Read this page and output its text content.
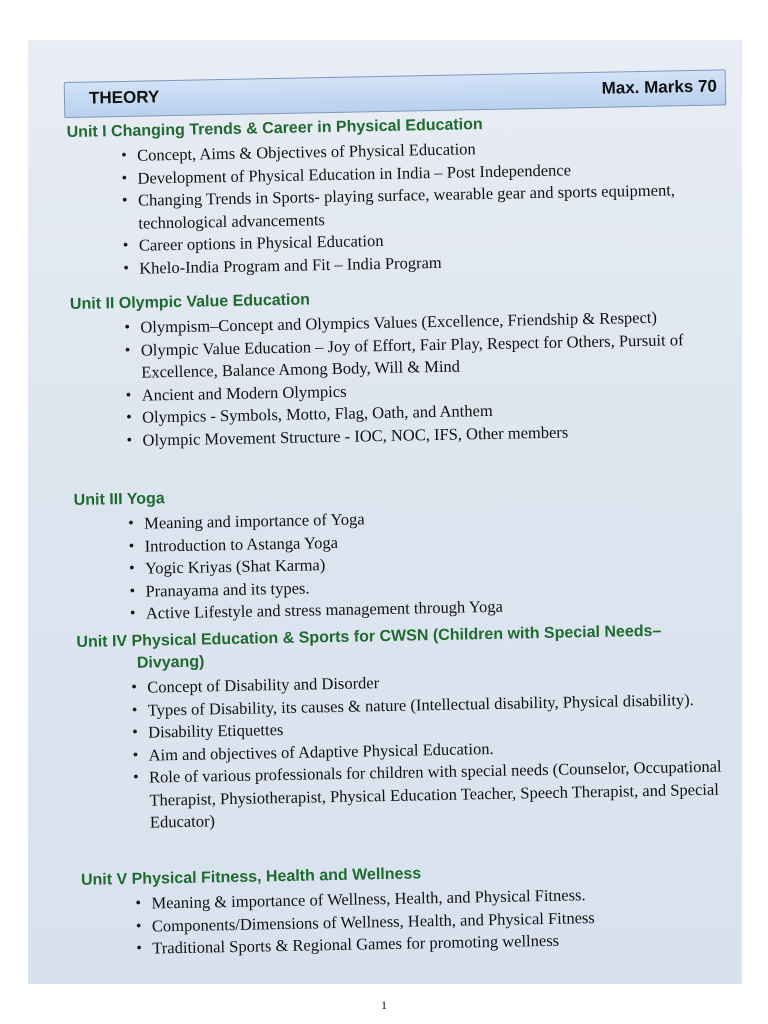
THEORY	Max. Marks 70
Unit I Changing Trends & Career in Physical Education
• Concept, Aims & Objectives of Physical Education
• Development of Physical Education in India – Post Independence
• Changing Trends in Sports- playing surface, wearable gear and sports equipment, technological advancements
• Career options in Physical Education
• Khelo-India Program and Fit – India Program
Unit II Olympic Value Education
• Olympism–Concept and Olympics Values (Excellence, Friendship & Respect)
• Olympic Value Education – Joy of Effort, Fair Play, Respect for Others, Pursuit of Excellence, Balance Among Body, Will & Mind
• Ancient and Modern Olympics
• Olympics - Symbols, Motto, Flag, Oath, and Anthem
• Olympic Movement Structure - IOC, NOC, IFS, Other members
Unit III Yoga
• Meaning and importance of Yoga
• Introduction to Astanga Yoga
• Yogic Kriyas (Shat Karma)
• Pranayama and its types.
• Active Lifestyle and stress management through Yoga
Unit IV Physical Education & Sports for CWSN (Children with Special Needs–
Divyang)
• Concept of Disability and Disorder
• Types of Disability, its causes & nature (Intellectual disability, Physical disability).
• Disability Etiquettes
• Aim and objectives of Adaptive Physical Education.
• Role of various professionals for children with special needs (Counselor, Occupational Therapist, Physiotherapist, Physical Education Teacher, Speech Therapist, and Special Educator)
Unit V Physical Fitness, Health and Wellness
• Meaning & importance of Wellness, Health, and Physical Fitness.
• Components/Dimensions of Wellness, Health, and Physical Fitness
• Traditional Sports & Regional Games for promoting wellness
1
